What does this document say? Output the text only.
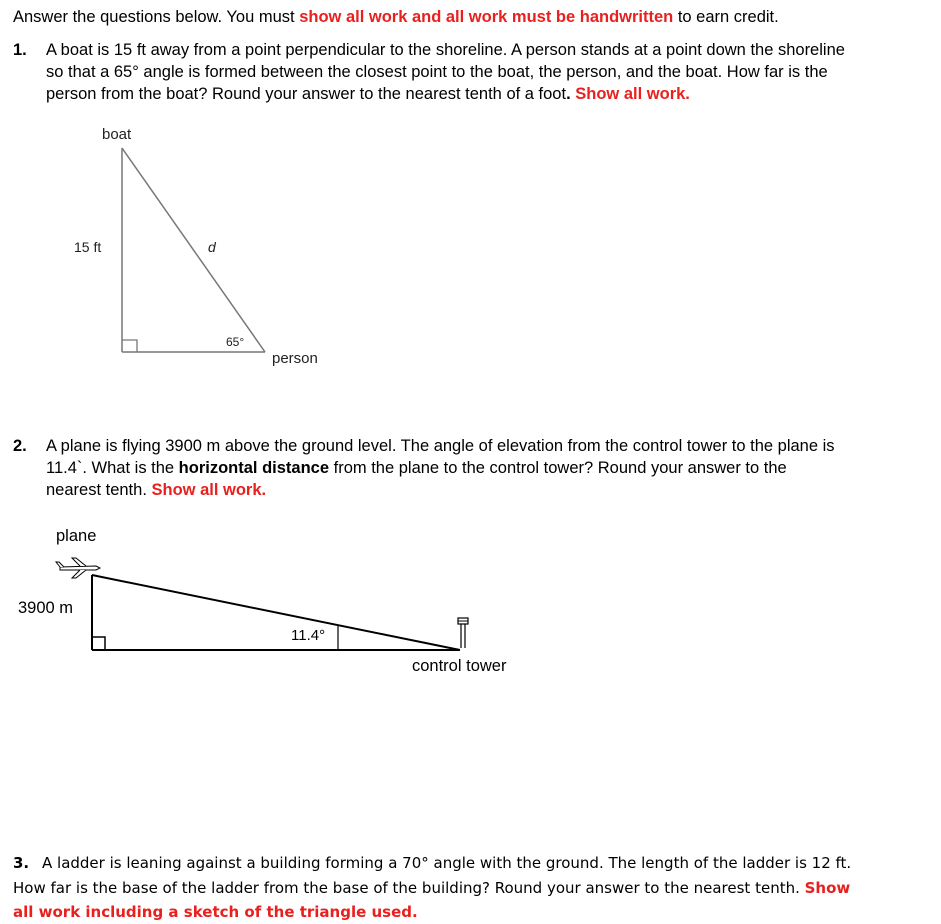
Answer the questions below. You must show all work and all work must be handwritten to earn credit.
1. A boat is 15 ft away from a point perpendicular to the shoreline. A person stands at a point down the shoreline
so that a 65° angle is formed between the closest point to the boat, the person, and the boat. How far is the
person from the boat? Round your answer to the nearest tenth of a foot. Show all work.
boat
15 ft	d
65°
person
2. A plane is flying 3900 m above the ground level. The angle of elevation from the control tower to the plane is
11.4`. What is the horizontal distance from the plane to the control tower? Round your answer to the
nearest tenth. Show all work.
plane
3900 m
11.4°
control tower
3. A ladder is leaning against a building forming a 70° angle with the ground. The length of the ladder is 12 ft.
How far is the base of the ladder from the base of the building? Round your answer to the nearest tenth. Show
all work including a sketch of the triangle used.
